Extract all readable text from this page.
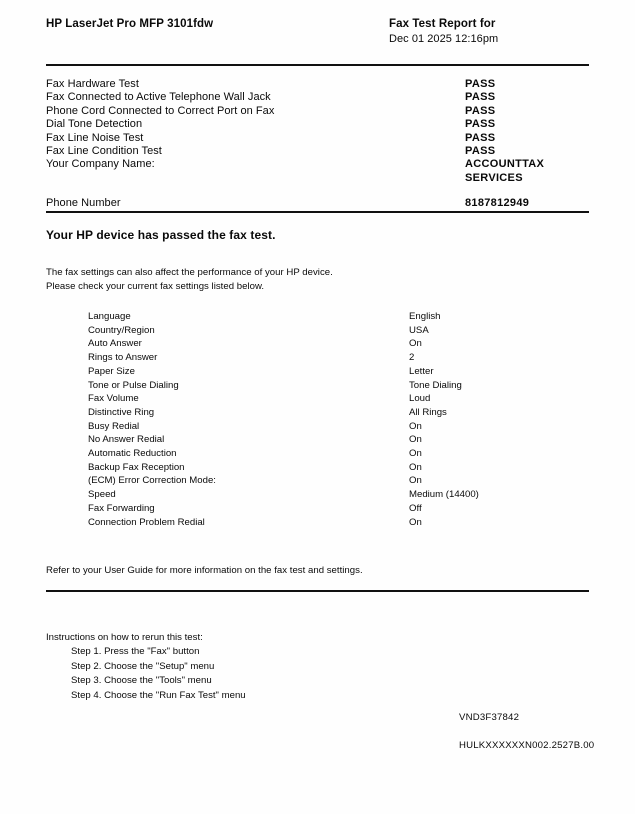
HP LaserJet Pro MFP 3101fdw	Fax Test Report for
Dec 01 2025 12:16pm
Fax Hardware Test	PASS
Fax Connected to Active Telephone Wall Jack	PASS
Phone Cord Connected to Correct Port on Fax	PASS
Dial Tone Detection	PASS
Fax Line Noise Test	PASS
Fax Line Condition Test	PASS
Your Company Name:	ACCOUNTTAX
SERVICES
Phone Number	8187812949
Your HP device has passed the fax test.
The fax settings can also affect the performance of your HP device.
Please check your current fax settings listed below.
Language	English
Country/Region	USA
Auto Answer	On
Rings to Answer	2
Paper Size	Letter
Tone or Pulse Dialing	Tone Dialing
Fax Volume	Loud
Distinctive Ring	All Rings
Busy Redial	On
No Answer Redial	On
Automatic Reduction	On
Backup Fax Reception	On
(ECM) Error Correction Mode:	On
Speed	Medium (14400)
Fax Forwarding	Off
Connection Problem Redial	On
Refer to your User Guide for more information on the fax test and settings.
Instructions on how to rerun this test:
Step 1. Press the "Fax" button
Step 2. Choose the "Setup" menu
Step 3. Choose the "Tools" menu
Step 4. Choose the "Run Fax Test" menu
VND3F37842
HULKXXXXXXN002.2527B.00
